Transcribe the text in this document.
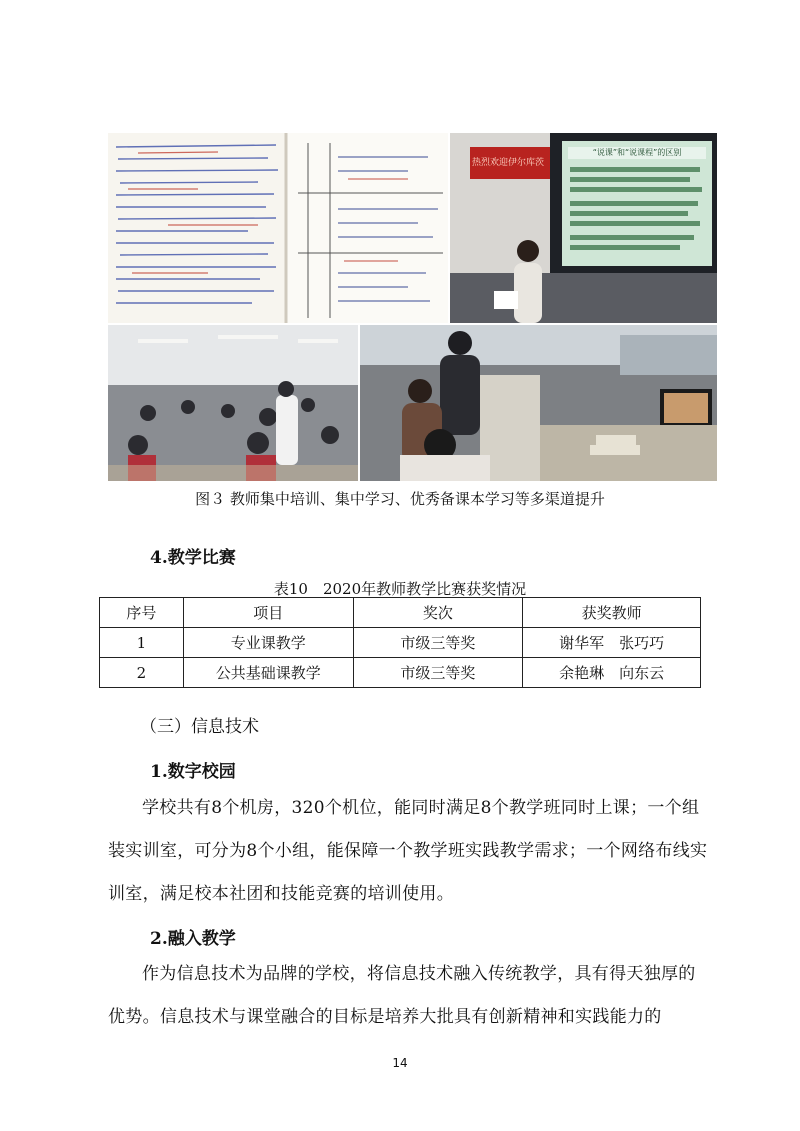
热烈欢迎伊尔库茨
“说课”和“说课程”的区别
图３ 教师集中培训、集中学习、优秀备课本学习等多渠道提升
4.教学比赛
表10　2020年教师教学比赛获奖情况
序号	项目	奖次	获奖教师
1	专业课教学	市级三等奖	谢华军　张巧巧
2	公共基础课教学	市级三等奖	余艳琳　向东云
（三）信息技术
1.数字校园

学校共有8个机房，320个机位，能同时满足8个教学班同时上课；一个组装实训室，可分为8个小组，能保障一个教学班实践教学需求；一个网络布线实训室，满足校本社团和技能竞赛的培训使用。

2.融入教学

作为信息技术为品牌的学校，将信息技术融入传统教学，具有得天独厚的优势。信息技术与课堂融合的目标是培养大批具有创新精神和实践能力的

14
